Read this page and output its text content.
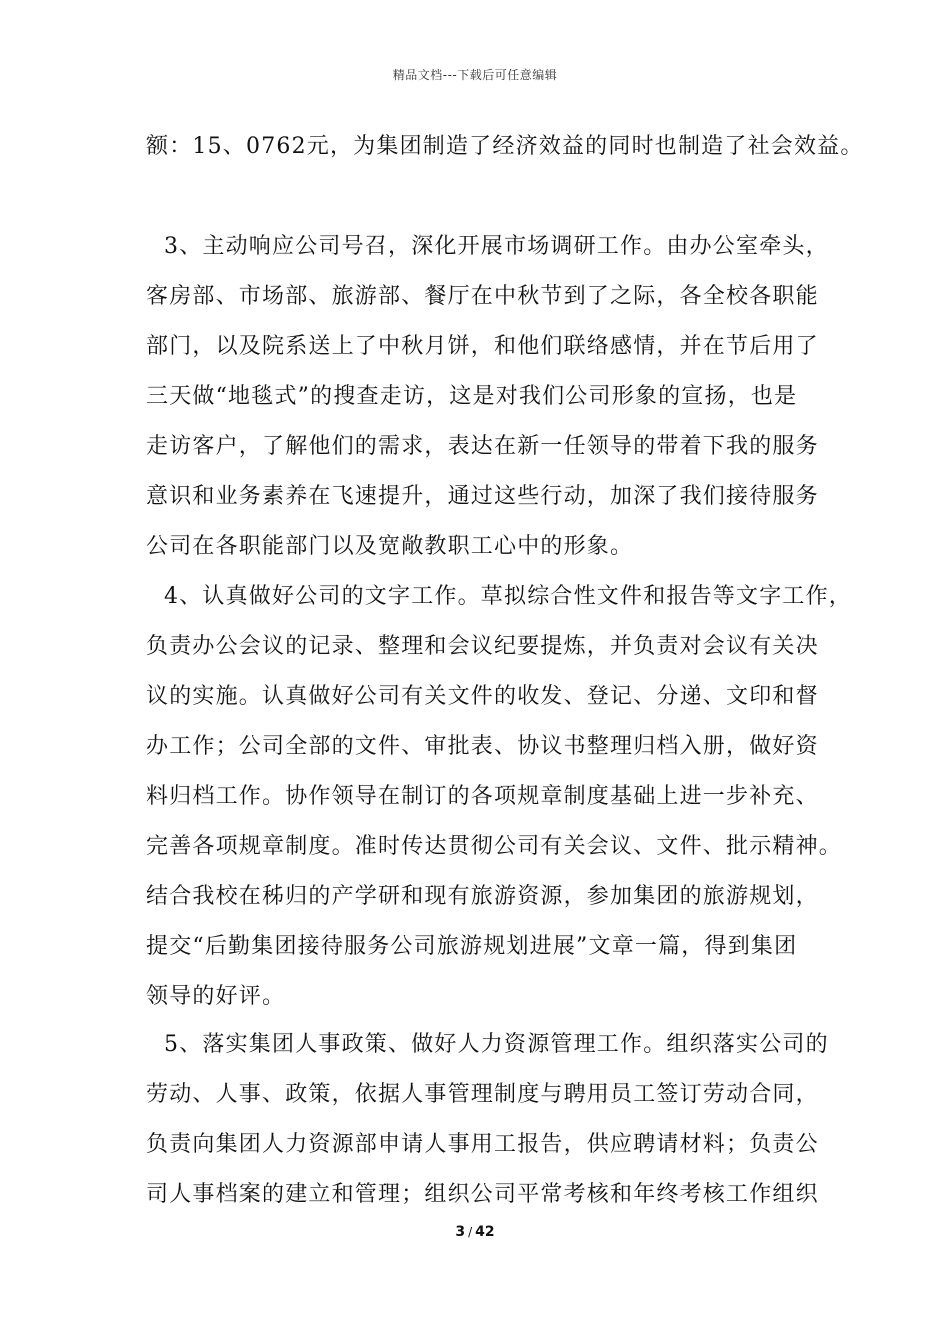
精品文档---下载后可任意编辑
额：15、0762元，为集团制造了经济效益的同时也制造了社会效益。
3、主动响应公司号召，深化开展市场调研工作。由办公室牵头，
客房部、市场部、旅游部、餐厅在中秋节到了之际，各全校各职能
部门，以及院系送上了中秋月饼，和他们联络感情，并在节后用了
三天做“地毯式”的搜查走访，这是对我们公司形象的宣扬，也是
走访客户，了解他们的需求，表达在新一任领导的带着下我的服务
意识和业务素养在飞速提升，通过这些行动，加深了我们接待服务
公司在各职能部门以及宽敞教职工心中的形象。
4、认真做好公司的文字工作。草拟综合性文件和报告等文字工作，
负责办公会议的记录、整理和会议纪要提炼，并负责对会议有关决
议的实施。认真做好公司有关文件的收发、登记、分递、文印和督
办工作；公司全部的文件、审批表、协议书整理归档入册，做好资
料归档工作。协作领导在制订的各项规章制度基础上进一步补充、
完善各项规章制度。准时传达贯彻公司有关会议、文件、批示精神。
结合我校在秭归的产学研和现有旅游资源，参加集团的旅游规划，
提交“后勤集团接待服务公司旅游规划进展”文章一篇，得到集团
领导的好评。
5、落实集团人事政策、做好人力资源管理工作。组织落实公司的
劳动、人事、政策，依据人事管理制度与聘用员工签订劳动合同，
负责向集团人力资源部申请人事用工报告，供应聘请材料；负责公
司人事档案的建立和管理；组织公司平常考核和年终考核工作组织
3 / 42
